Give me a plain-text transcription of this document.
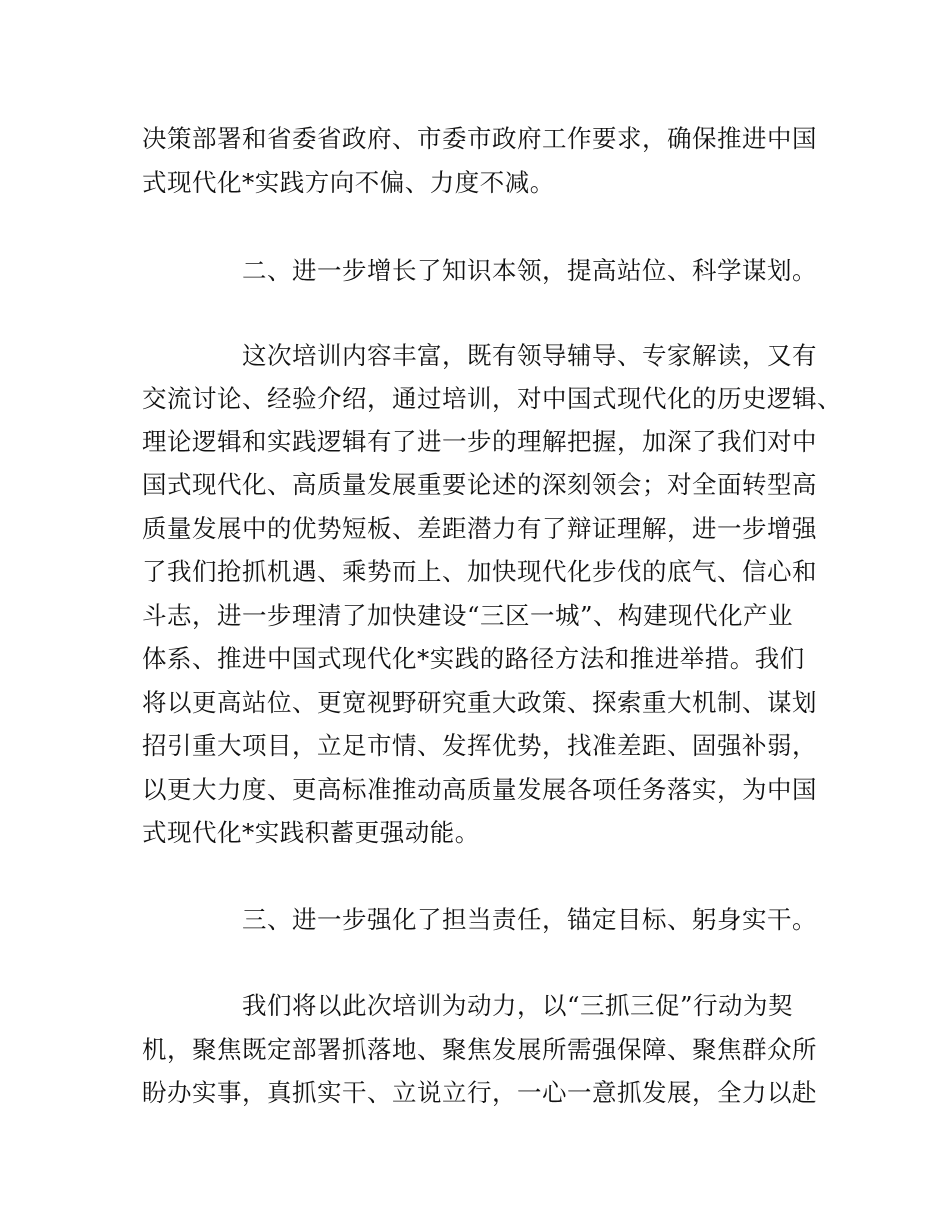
决策部署和省委省政府、市委市政府工作要求，确保推进中国
式现代化*实践方向不偏、力度不减。
二、进一步增长了知识本领，提高站位、科学谋划。
这次培训内容丰富，既有领导辅导、专家解读，又有
交流讨论、经验介绍，通过培训，对中国式现代化的历史逻辑、
理论逻辑和实践逻辑有了进一步的理解把握，加深了我们对中
国式现代化、高质量发展重要论述的深刻领会；对全面转型高
质量发展中的优势短板、差距潜力有了辩证理解，进一步增强
了我们抢抓机遇、乘势而上、加快现代化步伐的底气、信心和
斗志，进一步理清了加快建设“三区一城”、构建现代化产业
体系、推进中国式现代化*实践的路径方法和推进举措。我们
将以更高站位、更宽视野研究重大政策、探索重大机制、谋划
招引重大项目，立足市情、发挥优势，找准差距、固强补弱，
以更大力度、更高标准推动高质量发展各项任务落实，为中国
式现代化*实践积蓄更强动能。
三、进一步强化了担当责任，锚定目标、躬身实干。
我们将以此次培训为动力，以“三抓三促”行动为契
机，聚焦既定部署抓落地、聚焦发展所需强保障、聚焦群众所
盼办实事，真抓实干、立说立行，一心一意抓发展，全力以赴
